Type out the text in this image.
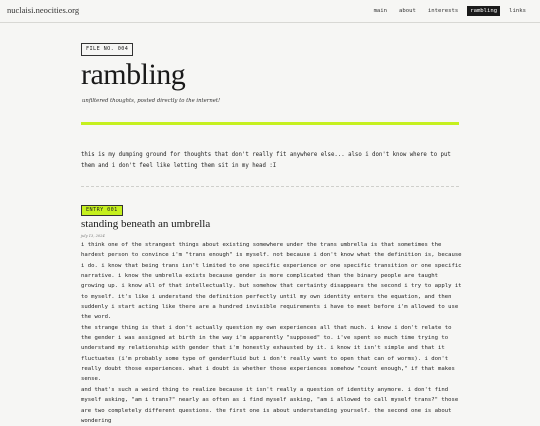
nuclaisi.neocities.org	main	about	interests	rambling	links
FILE NO. 004
rambling
unfiltered thoughts, posted directly to the internet!
this is my dumping ground for thoughts that don't really fit anywhere else... also i don't know where to put them and i don't feel like letting them sit in my head :I
ENTRY 001
standing beneath an umbrella
july 13, 2024

i think one of the strangest things about existing somewhere under the trans umbrella is that sometimes the hardest person to convince i'm "trans enough" is myself. not because i don't know what the definition is, because i do. i know that being trans isn't limited to one specific experience or one specific transition or one specific narrative. i know the umbrella exists because gender is more complicated than the binary people are taught growing up. i know all of that intellectually. but somehow that certainty disappears the second i try to apply it to myself. it's like i understand the definition perfectly until my own identity enters the equation, and then suddenly i start acting like there are a hundred invisible requirements i have to meet before i'm allowed to use the word.

the strange thing is that i don't actually question my own experiences all that much. i know i don't relate to the gender i was assigned at birth in the way i'm apparently "supposed" to. i've spent so much time trying to understand my relationship with gender that i'm honestly exhausted by it. i know it isn't simple and that it fluctuates (i'm probably some type of genderfluid but i don't really want to open that can of worms). i don't really doubt those experiences. what i doubt is whether those experiences somehow "count enough," if that makes sense.

and that's such a weird thing to realize because it isn't really a question of identity anymore. i don't find myself asking, "am i trans?" nearly as often as i find myself asking, "am i allowed to call myself trans?" those are two completely different questions. the first one is about understanding yourself. the second one is about wondering
